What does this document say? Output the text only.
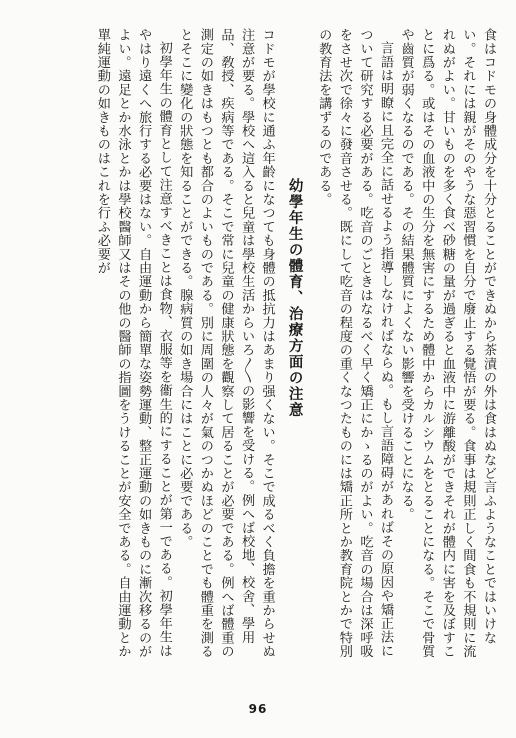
食はコドモの身體成分を十分とることができぬから茶漬の外は食はぬなど言ふようなことではいけない。それには親がそのやうな惡習慣を自分で廢止する覺悟が要る。食事は規則正しく間食も不規則に流れぬがよい。甘いものを多く食べ砂糖の量が過ぎると血液中に游離酸ができそれが體内に害を及ぼすことに爲る。或はその血液中の生分を無害にするため體中からカルシウムをとることになる。そこで骨質や齒質が弱くなるのである。その結果體質によくない影響を受けることになる。

言語は明瞭に且完全に話せるよう指導しなければならぬ。もし言語障碍があればその原因や矯正法について研究する必要がある。吃音のごときはなるべく早く矯正にかゝるのがよい。吃音の場合は深呼吸をさせ次で徐々に發音させる。既にして吃音の程度の重くなつたものには矯正所とか教育院とかで特別の教育法を講ずるのである。

幼學年生の體育、治療方面の注意

コドモが學校に通ふ年齡になつても身體の抵抗力はあまり强くない。そこで成るべく負擔を重からせぬ注意が要る。學校へ這入ると兒童は學校生活からいろ〳〵の影響を受ける。例へば校地、校舍、學用品、敎授、疾病等である。そこで常に兒童の健康狀態を觀察して居ることが必要である。例へば體重の測定の如きはもつとも都合のよいものである。別に周圍の人々が氣のつかぬほどのことでも體重を測るとそこに變化の狀態を知ることができる。腺病質の如き場合にはことに必要である。

初學年生の體育として注意すべきことは食物、衣服等を衞生的にすることが第一である。初學年生はやはり遠くへ旅行する必要はない。自由運動から簡單な姿勢運動、整正運動の如きものに漸次移るのがよい。遠足とか水泳とかは學校醫師又はその他の醫師の指圖をうけることが安全である。自由運動とか單純運動の如きものはこれを行ふ必要が

96
